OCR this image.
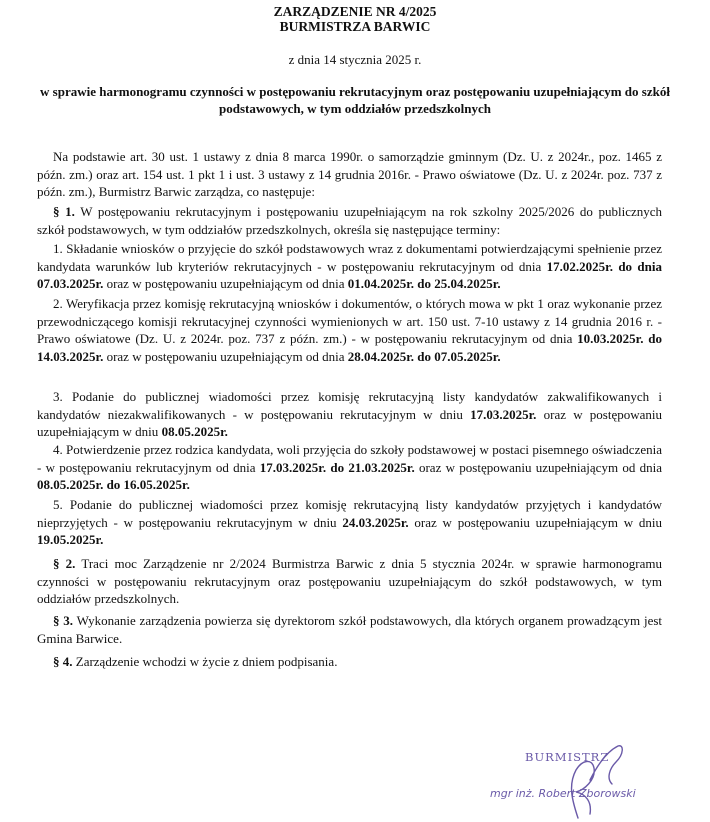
ZARZĄDZENIE NR 4/2025
BURMISTRZA BARWIC
z dnia 14 stycznia 2025 r.
w sprawie harmonogramu czynności w postępowaniu rekrutacyjnym oraz postępowaniu uzupełniającym do szkół podstawowych, w tym oddziałów przedszkolnych
Na podstawie art. 30 ust. 1 ustawy z dnia 8 marca 1990r. o samorządzie gminnym (Dz. U. z 2024r., poz. 1465 z późn. zm.) oraz art. 154 ust. 1 pkt 1 i ust. 3 ustawy z 14 grudnia 2016r. - Prawo oświatowe (Dz. U. z 2024r. poz. 737 z późn. zm.), Burmistrz Barwic zarządza, co następuje:
§ 1. W postępowaniu rekrutacyjnym i postępowaniu uzupełniającym na rok szkolny 2025/2026 do publicznych szkół podstawowych, w tym oddziałów przedszkolnych, określa się następujące terminy:
1. Składanie wniosków o przyjęcie do szkół podstawowych wraz z dokumentami potwierdzającymi spełnienie przez kandydata warunków lub kryteriów rekrutacyjnych - w postępowaniu rekrutacyjnym od dnia 17.02.2025r. do dnia 07.03.2025r. oraz w postępowaniu uzupełniającym od dnia 01.04.2025r. do 25.04.2025r.
2. Weryfikacja przez komisję rekrutacyjną wniosków i dokumentów, o których mowa w pkt 1 oraz wykonanie przez przewodniczącego komisji rekrutacyjnej czynności wymienionych w art. 150 ust. 7-10 ustawy z 14 grudnia 2016 r. - Prawo oświatowe (Dz. U. z 2024r. poz. 737 z późn. zm.) - w postępowaniu rekrutacyjnym od dnia 10.03.2025r. do 14.03.2025r. oraz w postępowaniu uzupełniającym od dnia 28.04.2025r. do 07.05.2025r.
3. Podanie do publicznej wiadomości przez komisję rekrutacyjną listy kandydatów zakwalifikowanych i kandydatów niezakwalifikowanych - w postępowaniu rekrutacyjnym w dniu 17.03.2025r. oraz w postępowaniu uzupełniającym w dniu 08.05.2025r.
4. Potwierdzenie przez rodzica kandydata, woli przyjęcia do szkoły podstawowej w postaci pisemnego oświadczenia - w postępowaniu rekrutacyjnym od dnia 17.03.2025r. do 21.03.2025r. oraz w postępowaniu uzupełniającym od dnia 08.05.2025r. do 16.05.2025r.
5. Podanie do publicznej wiadomości przez komisję rekrutacyjną listy kandydatów przyjętych i kandydatów nieprzyjętych - w postępowaniu rekrutacyjnym w dniu 24.03.2025r. oraz w postępowaniu uzupełniającym w dniu 19.05.2025r.
§ 2. Traci moc Zarządzenie nr 2/2024 Burmistrza Barwic z dnia 5 stycznia 2024r. w sprawie harmonogramu czynności w postępowaniu rekrutacyjnym oraz postępowaniu uzupełniającym do szkół podstawowych, w tym oddziałów przedszkolnych.
§ 3. Wykonanie zarządzenia powierza się dyrektorom szkół podstawowych, dla których organem prowadzącym jest Gmina Barwice.
§ 4. Zarządzenie wchodzi w życie z dniem podpisania.
BURMISTRZ
mgr inż. Robert Zborowski
